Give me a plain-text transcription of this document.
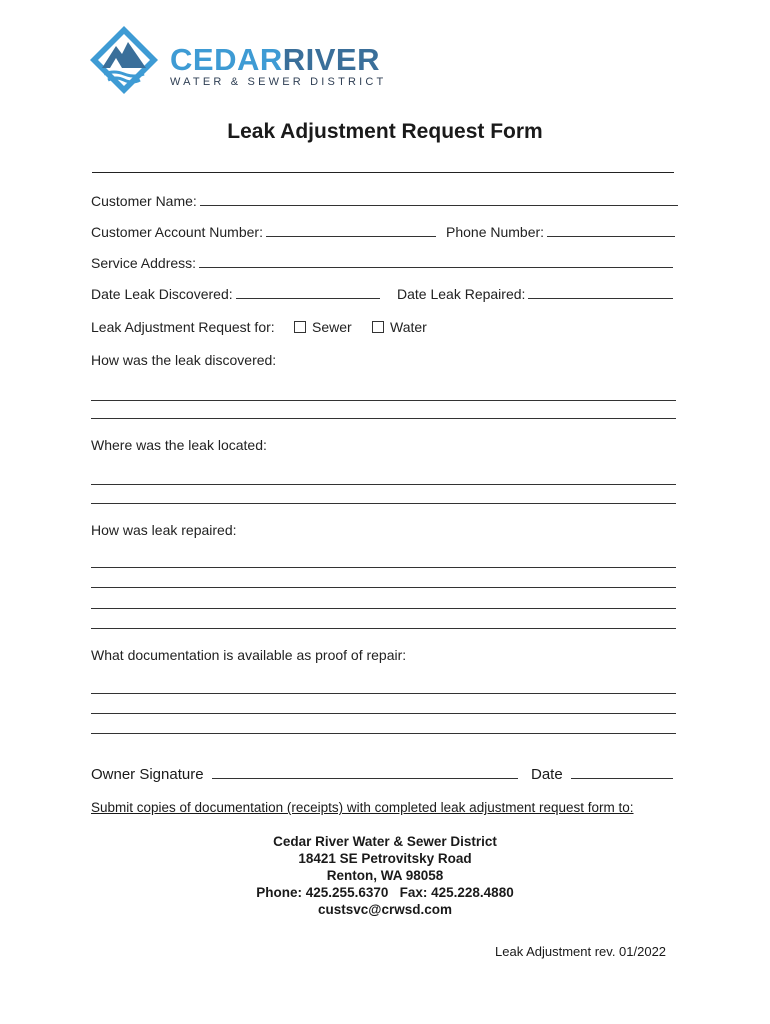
CEDARRIVER
WATER & SEWER DISTRICT
Leak Adjustment Request Form
Customer Name:
Customer Account Number:	Phone Number:
Service Address:
Date Leak Discovered:	Date Leak Repaired:
Leak Adjustment Request for:	Sewer	Water
How was the leak discovered:
Where was the leak located:
How was leak repaired:
What documentation is available as proof of repair:
Owner Signature	Date
Submit copies of documentation (receipts) with completed leak adjustment request form to:
Cedar River Water & Sewer District
18421 SE Petrovitsky Road
Renton, WA 98058
Phone: 425.255.6370   Fax: 425.228.4880
custsvc@crwsd.com
Leak Adjustment rev. 01/2022
